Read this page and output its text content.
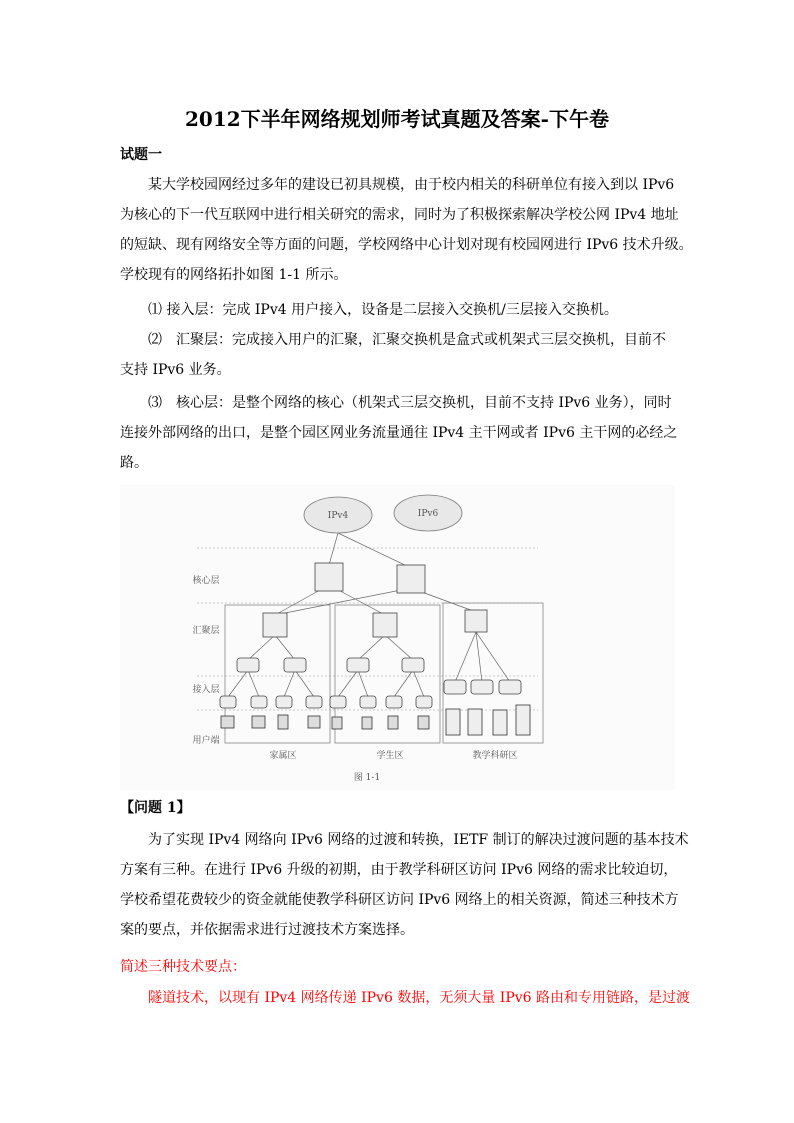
2012下半年网络规划师考试真题及答案-下午卷
试题一
某大学校园网经过多年的建设已初具规模，由于校内相关的科研单位有接入到以 IPv6
为核心的下一代互联网中进行相关研究的需求，同时为了积极探索解决学校公网 IPv4 地址
的短缺、现有网络安全等方面的问题，学校网络中心计划对现有校园网进行 IPv6 技术升级。
学校现有的网络拓扑如图 1-1 所示。
⑴ 接入层：完成 IPv4 用户接入，设备是二层接入交换机/三层接入交换机。
⑵　汇聚层：完成接入用户的汇聚，汇聚交换机是盒式或机架式三层交换机，目前不
支持 IPv6 业务。
⑶　核心层：是整个网络的核心（机架式三层交换机，目前不支持 IPv6 业务），同时
连接外部网络的出口，是整个园区网业务流量通往 IPv4 主干网或者 IPv6 主干网的必经之
路。
IPv4	IPv6
核心层
汇聚层
接入层
用户端
家属区	学生区	教学科研区
图 1-1
【问题 1】
为了实现 IPv4 网络向 IPv6 网络的过渡和转换，IETF 制订的解决过渡问题的基本技术
方案有三种。在进行 IPv6 升级的初期，由于教学科研区访问 IPv6 网络的需求比较迫切，
学校希望花费较少的资金就能使教学科研区访问 IPv6 网络上的相关资源，简述三种技术方
案的要点，并依据需求进行过渡技术方案选择。
简述三种技术要点：
隧道技术，以现有 IPv4 网络传递 IPv6 数据，无须大量 IPv6 路由和专用链路，是过渡
